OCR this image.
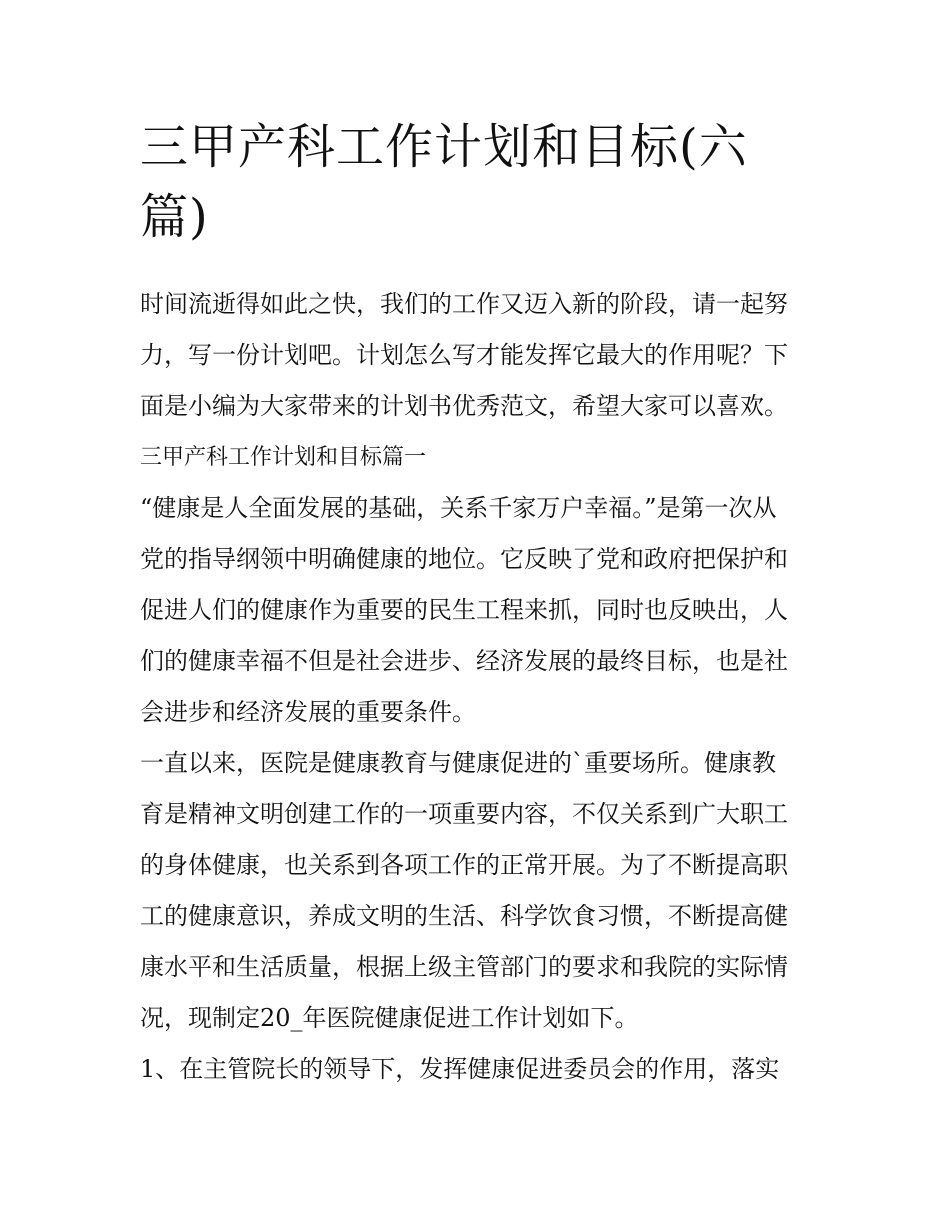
三甲产科工作计划和目标(六
篇)
时间流逝得如此之快，我们的工作又迈入新的阶段，请一起努
力，写一份计划吧。计划怎么写才能发挥它最大的作用呢？下
面是小编为大家带来的计划书优秀范文，希望大家可以喜欢。
三甲产科工作计划和目标篇一
“健康是人全面发展的基础，关系千家万户幸福。”是第一次从
党的指导纲领中明确健康的地位。它反映了党和政府把保护和
促进人们的健康作为重要的民生工程来抓，同时也反映出，人
们的健康幸福不但是社会进步、经济发展的最终目标，也是社
会进步和经济发展的重要条件。
一直以来，医院是健康教育与健康促进的`重要场所。健康教
育是精神文明创建工作的一项重要内容，不仅关系到广大职工
的身体健康，也关系到各项工作的正常开展。为了不断提高职
工的健康意识，养成文明的生活、科学饮食习惯，不断提高健
康水平和生活质量，根据上级主管部门的要求和我院的实际情
况，现制定20_年医院健康促进工作计划如下。
1、在主管院长的领导下，发挥健康促进委员会的作用，落实
